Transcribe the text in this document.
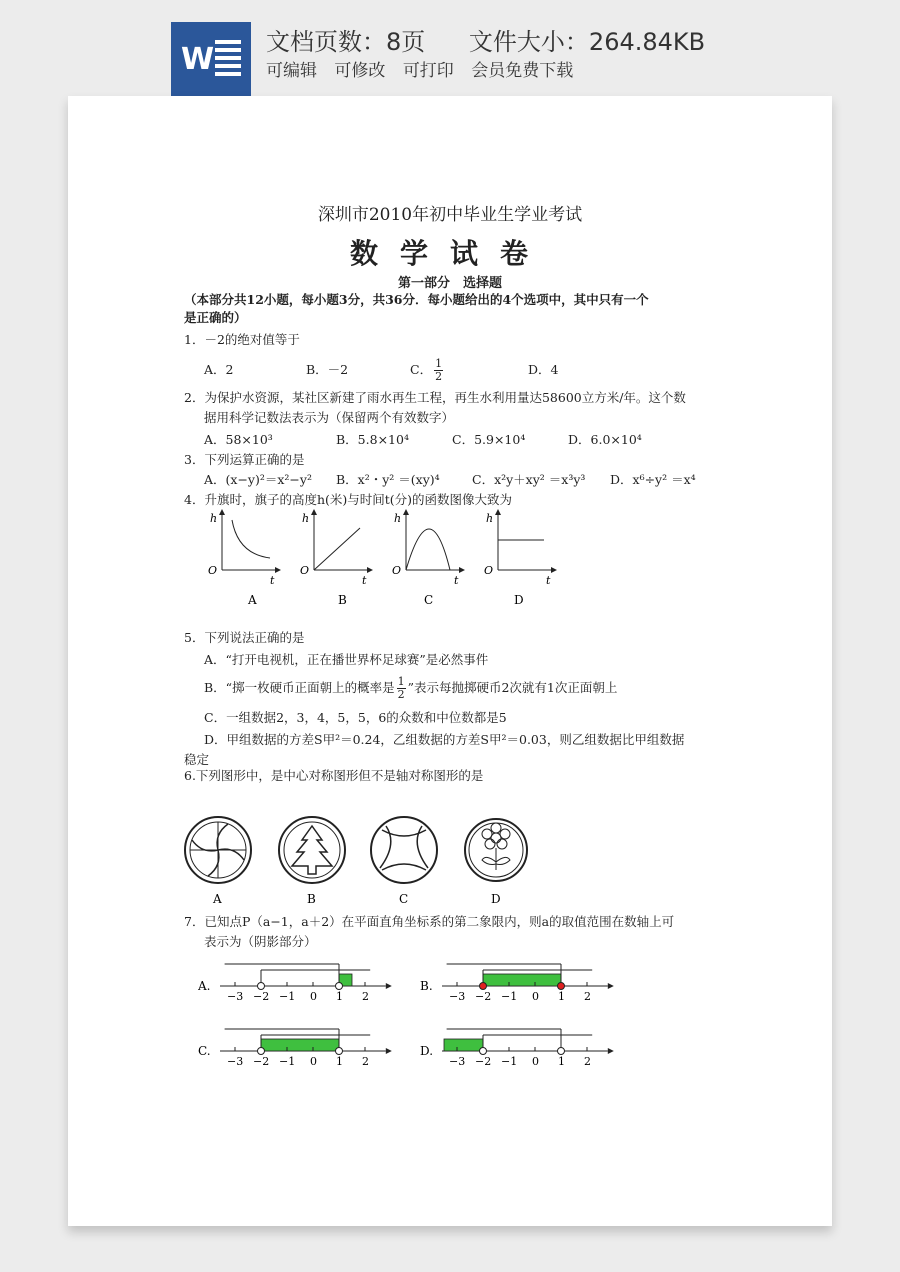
W 文档页数：8页 文件大小：264.84KB
可编辑 可修改 可打印 会员免费下载
深圳市2010年初中毕业生学业考试
数学试卷
第一部分　选择题
（本部分共12小题，每小题3分，共36分．每小题给出的4个选项中，其中只有一个
是正确的）
1．－2的绝对值等于
A．2	B．－2	C． $\frac{1}{2}$	D．4
2．为保护水资源，某社区新建了雨水再生工程，再生水利用量达58600立方米/年。这个数
据用科学记数法表示为（保留两个有效数字）
A．58×10³	B．5.8×10⁴	C．5.9×10⁴	D．6.0×10⁴
3．下列运算正确的是
A．(x−y)²＝x²−y² B．x²・y² ＝(xy)⁴	C．x²y＋xy² ＝x³y³ D．x⁶÷y² ＝x⁴
4．升旗时，旗子的高度h(米)与时间t(分)的函数图像大致为
h
O
t
A
h
O
t
B
h
O
t
C
h
O
t
D
5．下列说法正确的是
A．“打开电视机，正在播世界杯足球赛”是必然事件
B．“掷一枚硬币正面朝上的概率是 $\frac{1}{2}$ ”表示每抛掷硬币2次就有1次正面朝上
C．一组数据2，3，4，5，5，6的众数和中位数都是5
D．甲组数据的方差S甲²＝0.24，乙组数据的方差S甲²＝0.03，则乙组数据比甲组数据
稳定
6.下列图形中，是中心对称图形但不是轴对称图形的是
A	B	C	D
7．已知点P（a−1，a＋2）在平面直角坐标系的第二象限内，则a的取值范围在数轴上可
表示为（阴影部分）
A.
−3 −2 −1 0 1 2
B.
−3 −2 −1 0 1 2
C.
−3 −2 −1 0 1 2
D.
−3 −2 −1 0 1 2
